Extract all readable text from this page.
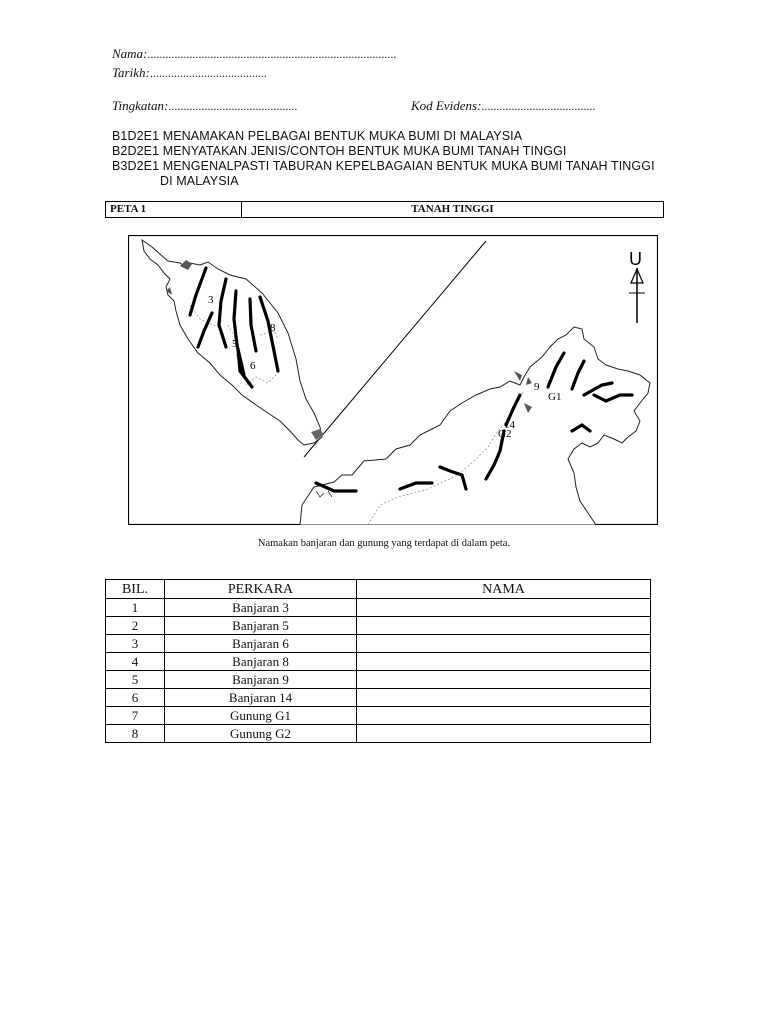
Nama:...................................................................................
Tarikh:.......................................
Tingkatan:...........................................	Kod Evidens:......................................
B1D2E1 MENAMAKAN PELBAGAI BENTUK MUKA BUMI DI MALAYSIA
B2D2E1 MENYATAKAN JENIS/CONTOH BENTUK MUKA BUMI TANAH TINGGI
B3D2E1 MENGENALPASTI TABURAN KEPELBAGAIAN BENTUK MUKA BUMI TANAH TINGGI
DI MALAYSIA
PETA 1	TANAH TINGGI
3
5
6
8
U
9
G1
14
G2
Namakan banjaran dan gunung yang terdapat di dalam peta.
BIL.	PERKARA	NAMA
1	Banjaran 3	
2	Banjaran 5	
3	Banjaran 6	
4	Banjaran 8	
5	Banjaran 9	
6	Banjaran 14	
7	Gunung G1	
8	Gunung G2	
